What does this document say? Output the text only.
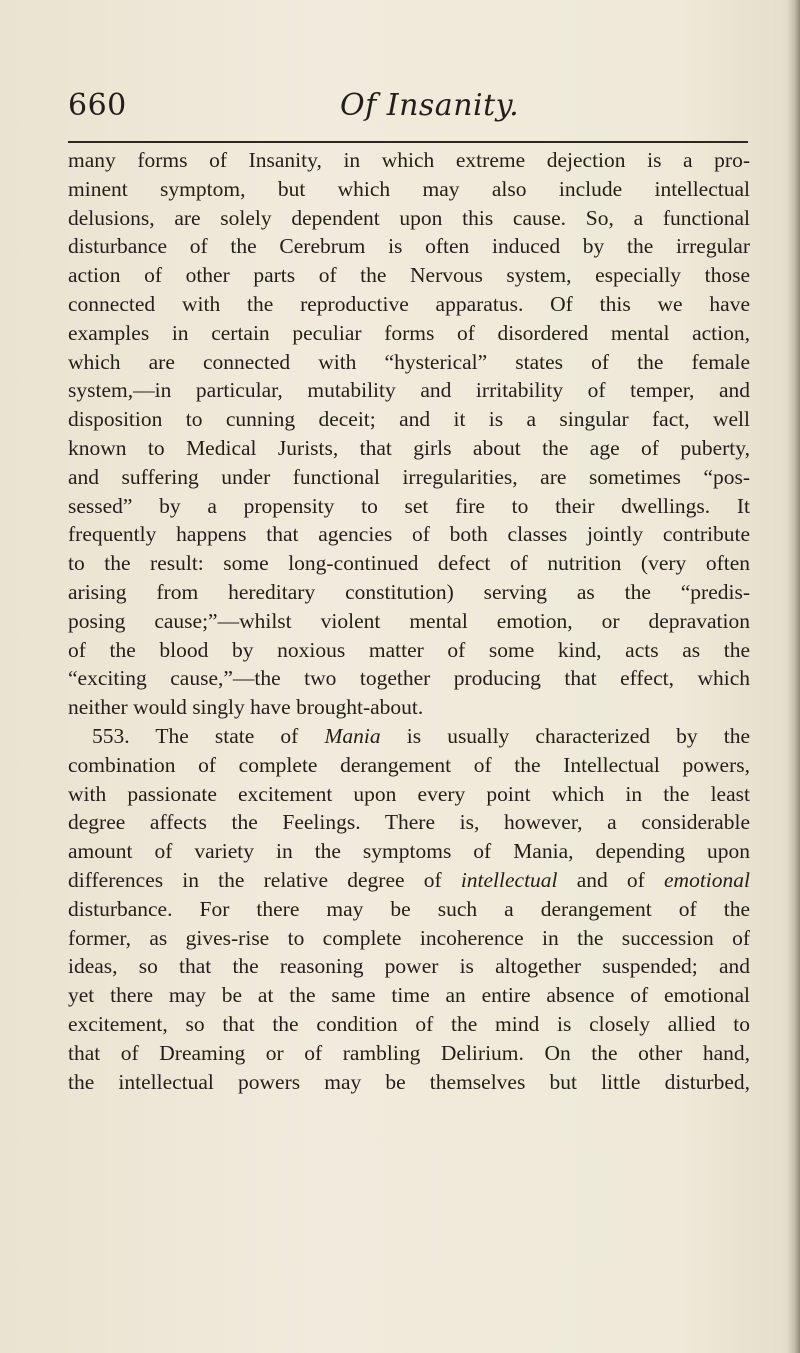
660	Of Insanity.
many forms of Insanity, in which extreme dejection is a pro-
minent symptom, but which may also include intellectual
delusions, are solely dependent upon this cause. So, a functional
disturbance of the Cerebrum is often induced by the irregular
action of other parts of the Nervous system, especially those
connected with the reproductive apparatus. Of this we have
examples in certain peculiar forms of disordered mental action,
which are connected with “hysterical” states of the female
system,—in particular, mutability and irritability of temper, and
disposition to cunning deceit; and it is a singular fact, well
known to Medical Jurists, that girls about the age of puberty,
and suffering under functional irregularities, are sometimes “pos-
sessed” by a propensity to set fire to their dwellings. It
frequently happens that agencies of both classes jointly contribute
to the result: some long-continued defect of nutrition (very often
arising from hereditary constitution) serving as the “predis-
posing cause;”—whilst violent mental emotion, or depravation
of the blood by noxious matter of some kind, acts as the
“exciting cause,”—the two together producing that effect, which
neither would singly have brought-about.
553. The state of Mania is usually characterized by the
combination of complete derangement of the Intellectual powers,
with passionate excitement upon every point which in the least
degree affects the Feelings. There is, however, a considerable
amount of variety in the symptoms of Mania, depending upon
differences in the relative degree of intellectual and of emotional
disturbance. For there may be such a derangement of the
former, as gives-rise to complete incoherence in the succession of
ideas, so that the reasoning power is altogether suspended; and
yet there may be at the same time an entire absence of emotional
excitement, so that the condition of the mind is closely allied to
that of Dreaming or of rambling Delirium. On the other hand,
the intellectual powers may be themselves but little disturbed,
